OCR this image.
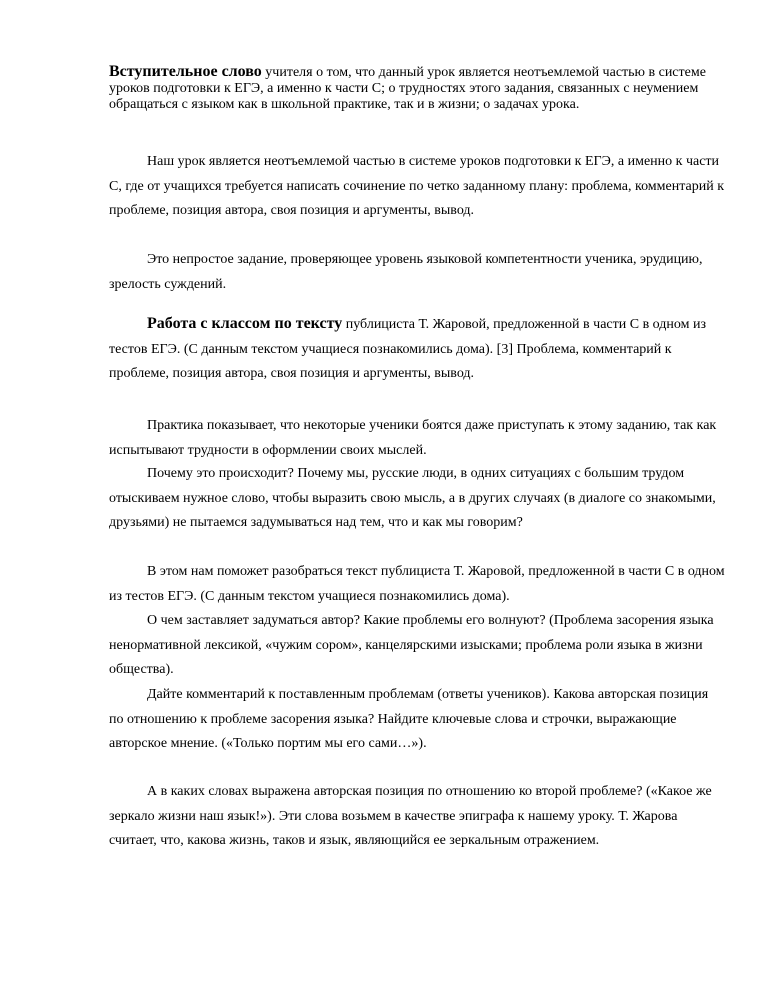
Вступительное слово учителя о том, что данный урок является неотъемлемой частью в системе уроков подготовки к ЕГЭ, а именно к части С; о трудностях этого задания, связанных с неумением обращаться с языком как в школьной практике, так и в жизни; о задачах урока.

Наш урок является неотъемлемой частью в системе уроков подготовки к ЕГЭ, а именно к части С, где от учащихся требуется написать сочинение по четко заданному плану: проблема, комментарий к проблеме, позиция автора, своя позиция и аргументы, вывод.

Это непростое задание, проверяющее уровень языковой компетентности ученика, эрудицию, зрелость суждений.

Работа с классом по тексту публициста Т. Жаровой, предложенной в части С в одном из тестов ЕГЭ. (С данным текстом учащиеся познакомились дома). [3] Проблема, комментарий к проблеме, позиция автора, своя позиция и аргументы, вывод.

Практика показывает, что некоторые ученики боятся даже приступать к этому заданию, так как испытывают трудности в оформлении своих мыслей.

Почему это происходит? Почему мы, русские люди, в одних ситуациях с большим трудом отыскиваем нужное слово, чтобы выразить свою мысль, а в других случаях (в диалоге со знакомыми, друзьями) не пытаемся задумываться над тем, что и как мы говорим?

В этом нам поможет разобраться текст публициста Т. Жаровой, предложенной в части С в одном из тестов ЕГЭ. (С данным текстом учащиеся познакомились дома).

О чем заставляет задуматься автор? Какие проблемы его волнуют? (Проблема засорения языка ненормативной лексикой, «чужим сором», канцелярскими изысками; проблема роли языка в жизни общества).

Дайте комментарий к поставленным проблемам (ответы учеников). Какова авторская позиция по отношению к проблеме засорения языка? Найдите ключевые слова и строчки, выражающие авторское мнение. («Только портим мы его сами…»).

А в каких словах выражена авторская позиция по отношению ко второй проблеме? («Какое же зеркало жизни наш язык!»). Эти слова возьмем в качестве эпиграфа к нашему уроку. Т. Жарова считает, что, какова жизнь, таков и язык, являющийся ее зеркальным отражением.
